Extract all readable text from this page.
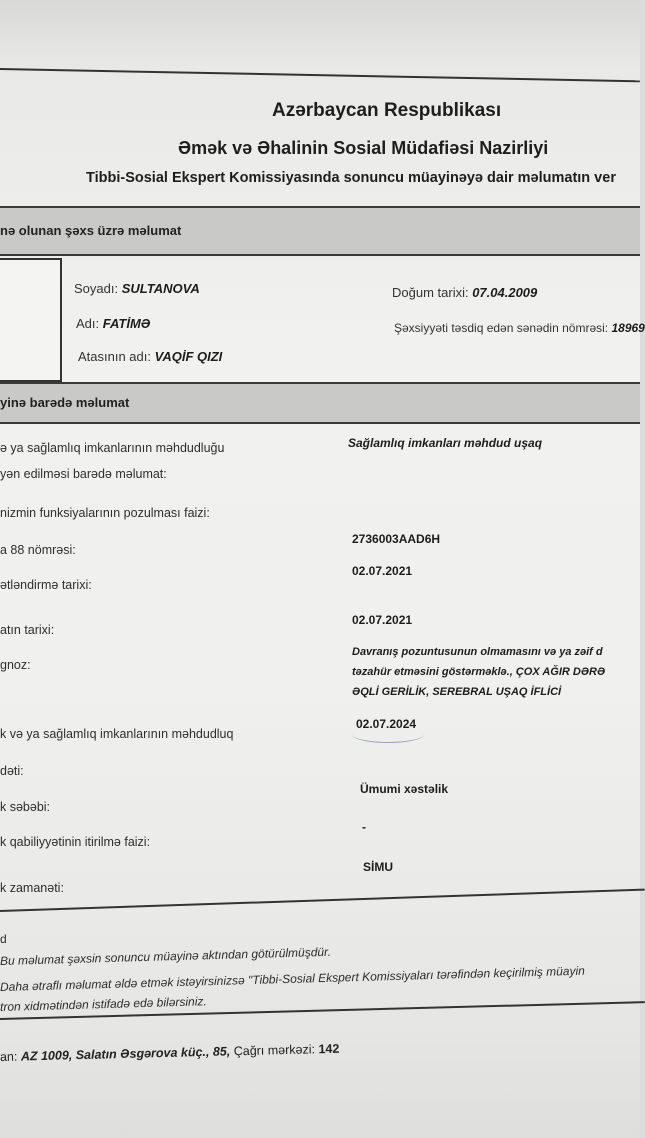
Azərbaycan Respublikası
Əmək və Əhalinin Sosial Müdafiəsi Nazirliyi
Tibbi-Sosial Ekspert Komissiyasında sonuncu müayinəyə dair məlumatın ver
nə olunan şəxs üzrə məlumat
Soyadı: SULTANOVA
Adı: FATİMƏ
Atasının adı: VAQİF QIZI
Doğum tarixi: 07.04.2009
Şəxsiyyəti təsdiq edən sənədin nömrəsi: 18969
yinə barədə məlumat
ə ya sağlamlıq imkanlarının məhdudluğu
yən edilməsi barədə məlumat:
nizmin funksiyalarının pozulması faizi:
a 88 nömrəsi:
ətləndirmə tarixi:
atın tarixi:
gnoz:
k və ya sağlamlıq imkanlarının məhdudluq
dəti:
k səbəbi:
k qabiliyyətinin itirilmə faizi:
k zamanəti:
Sağlamlıq imkanları məhdud uşaq
2736003AAD6H
02.07.2021
02.07.2021
Davranış pozuntusunun olmamasını və ya zəif d
təzahür etməsini göstərməklə., ÇOX AĞIR DƏRƏ
ƏQLİ GERİLİK, SEREBRAL UŞAQ İFLİCİ
02.07.2024
Ümumi xəstəlik
-
SİMU
d
Bu məlumat şəxsin sonuncu müayinə aktından götürülmüşdür.
Daha ətraflı məlumat əldə etmək istəyirsinizsə "Tibbi-Sosial Ekspert Komissiyaları tərəfindən keçirilmiş müayin
tron xidmətindən istifadə edə bilərsiniz.
an: AZ 1009, Salatın Əsgərova küç., 85, Çağrı mərkəzi: 142
